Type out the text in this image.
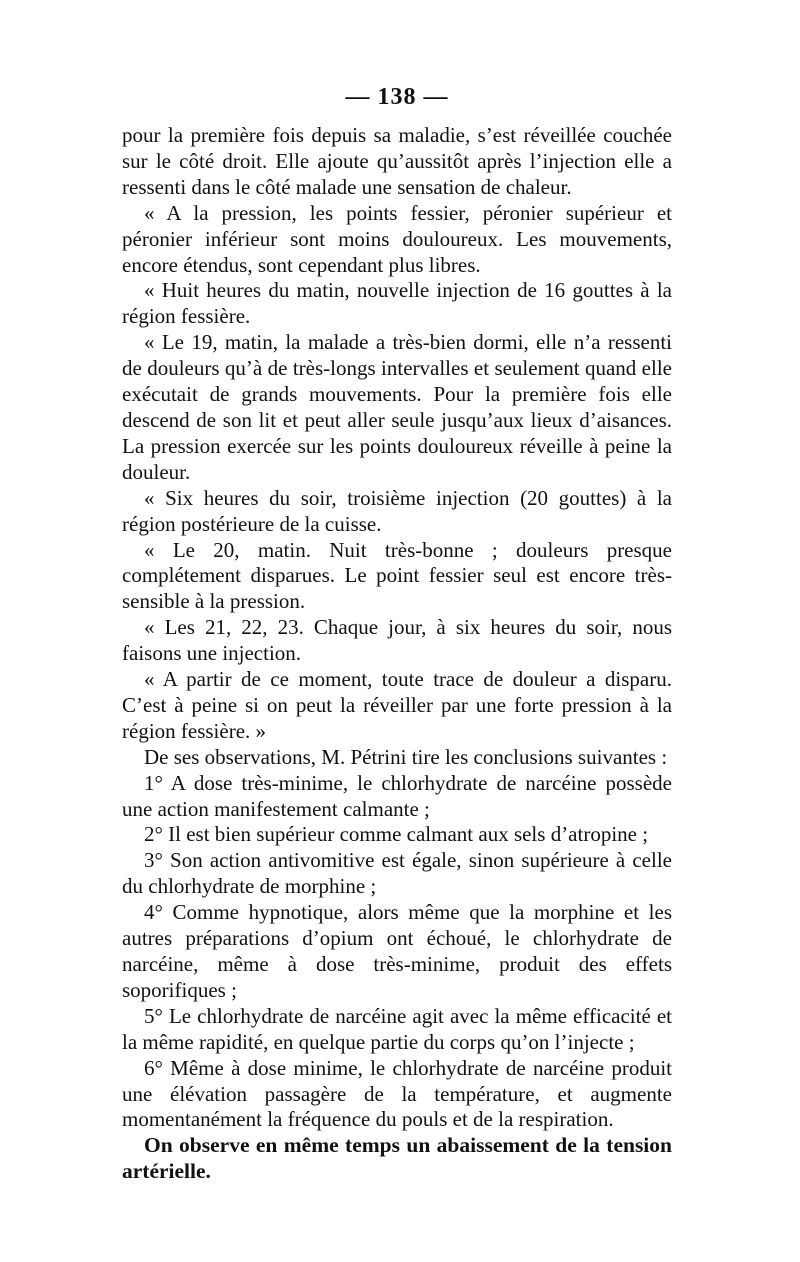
— 138 —

pour la première fois depuis sa maladie, s’est réveillée couchée sur le côté droit. Elle ajoute qu’aussitôt après l’injection elle a ressenti dans le côté malade une sensation de chaleur.

« A la pression, les points fessier, péronier supérieur et péronier inférieur sont moins douloureux. Les mouvements, encore étendus, sont cependant plus libres.

« Huit heures du matin, nouvelle injection de 16 gouttes à la région fessière.

« Le 19, matin, la malade a très-bien dormi, elle n’a ressenti de douleurs qu’à de très-longs intervalles et seulement quand elle exécutait de grands mouvements. Pour la première fois elle descend de son lit et peut aller seule jusqu’aux lieux d’aisances. La pression exercée sur les points douloureux réveille à peine la douleur.

« Six heures du soir, troisième injection (20 gouttes) à la région postérieure de la cuisse.

« Le 20, matin. Nuit très-bonne ; douleurs presque complétement disparues. Le point fessier seul est encore très-sensible à la pression.

« Les 21, 22, 23. Chaque jour, à six heures du soir, nous faisons une injection.

« A partir de ce moment, toute trace de douleur a disparu. C’est à peine si on peut la réveiller par une forte pression à la région fessière. »

De ses observations, M. Pétrini tire les conclusions suivantes :

1° A dose très-minime, le chlorhydrate de narcéine possède une action manifestement calmante ;

2° Il est bien supérieur comme calmant aux sels d’atropine ;

3° Son action antivomitive est égale, sinon supérieure à celle du chlorhydrate de morphine ;

4° Comme hypnotique, alors même que la morphine et les autres préparations d’opium ont échoué, le chlorhydrate de narcéine, même à dose très-minime, produit des effets soporifiques ;

5° Le chlorhydrate de narcéine agit avec la même efficacité et la même rapidité, en quelque partie du corps qu’on l’injecte ;

6° Même à dose minime, le chlorhydrate de narcéine produit une élévation passagère de la température, et augmente momentanément la fréquence du pouls et de la respiration.

On observe en même temps un abaissement de la tension artérielle.
